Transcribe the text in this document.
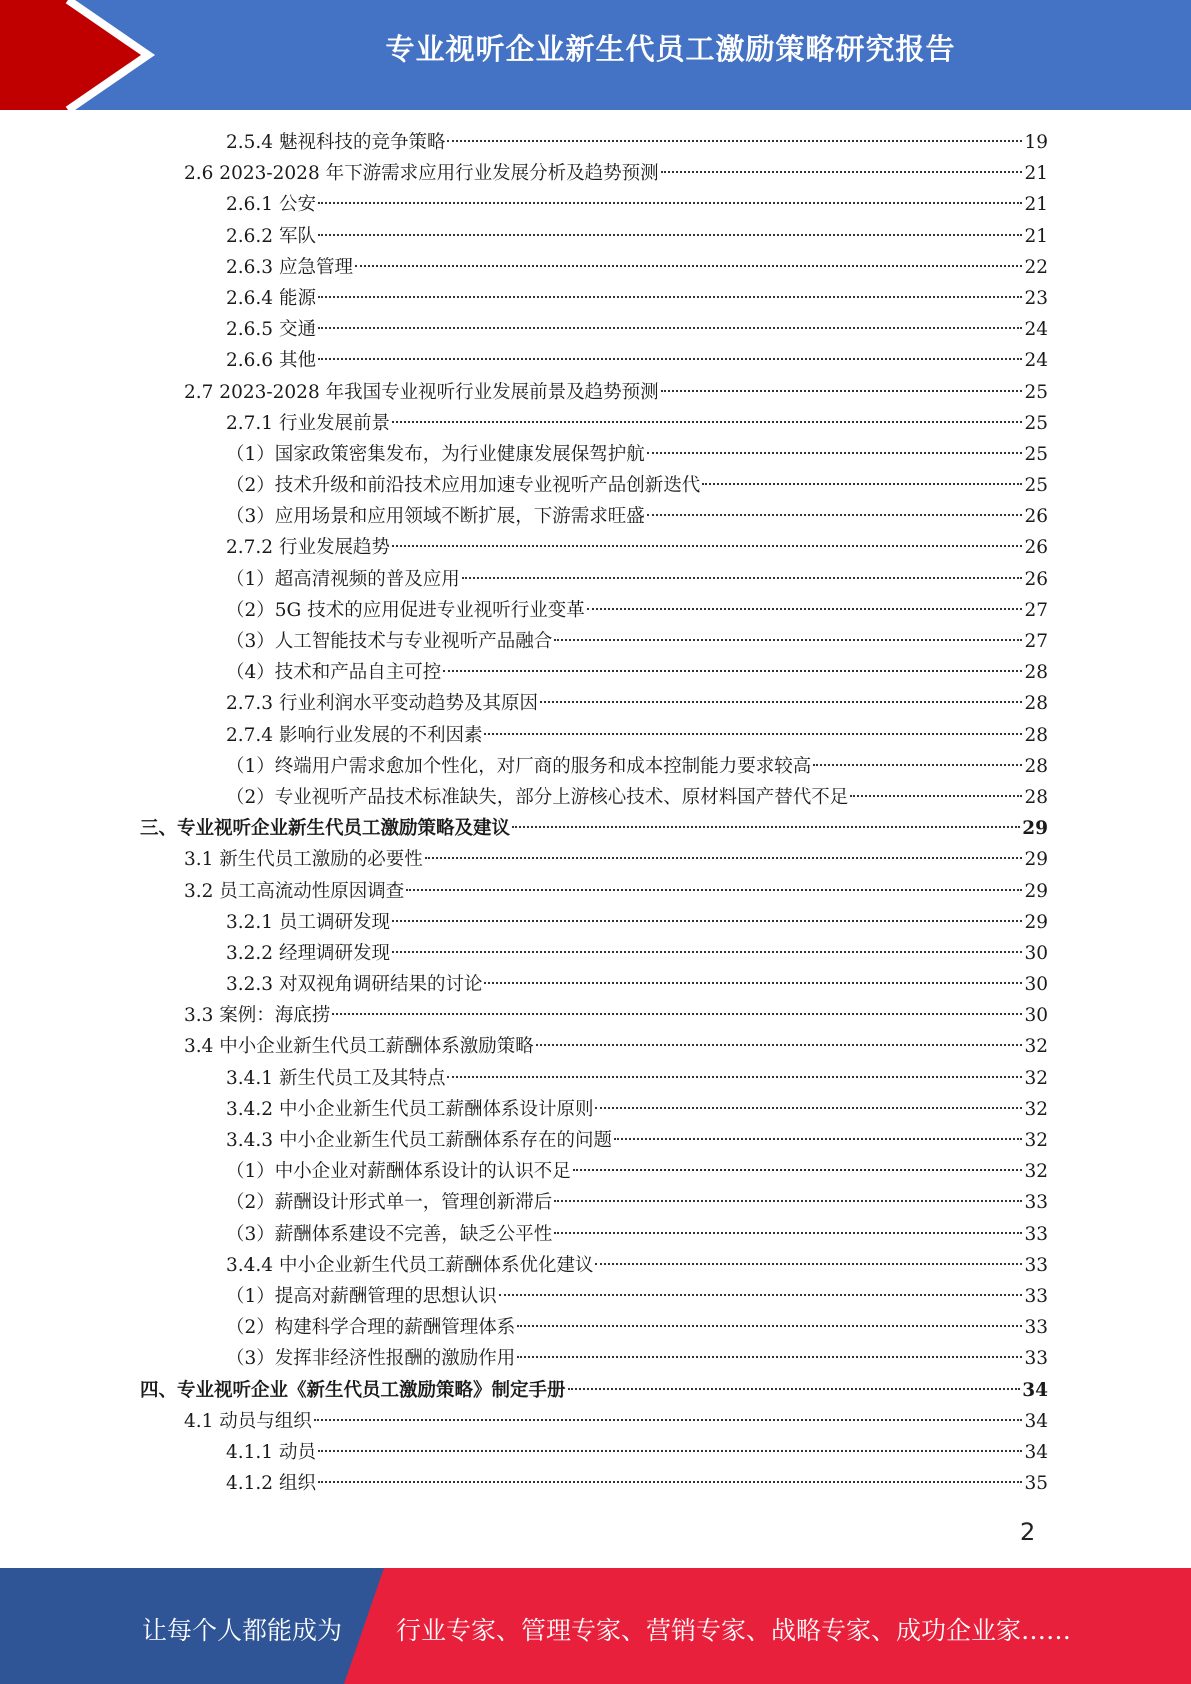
专业视听企业新生代员工激励策略研究报告
2.5.4 魅视科技的竞争策略	19
2.6 2023-2028 年下游需求应用行业发展分析及趋势预测	21
2.6.1 公安	21
2.6.2 军队	21
2.6.3 应急管理	22
2.6.4 能源	23
2.6.5 交通	24
2.6.6 其他	24
2.7 2023-2028 年我国专业视听行业发展前景及趋势预测	25
2.7.1 行业发展前景	25
（1）国家政策密集发布，为行业健康发展保驾护航	25
（2）技术升级和前沿技术应用加速专业视听产品创新迭代	25
（3）应用场景和应用领域不断扩展，下游需求旺盛	26
2.7.2 行业发展趋势	26
（1）超高清视频的普及应用	26
（2）5G 技术的应用促进专业视听行业变革	27
（3）人工智能技术与专业视听产品融合	27
（4）技术和产品自主可控	28
2.7.3 行业利润水平变动趋势及其原因	28
2.7.4 影响行业发展的不利因素	28
（1）终端用户需求愈加个性化，对厂商的服务和成本控制能力要求较高	28
（2）专业视听产品技术标准缺失，部分上游核心技术、原材料国产替代不足	28
三、专业视听企业新生代员工激励策略及建议	29
3.1 新生代员工激励的必要性	29
3.2 员工高流动性原因调查	29
3.2.1 员工调研发现	29
3.2.2 经理调研发现	30
3.2.3 对双视角调研结果的讨论	30
3.3 案例：海底捞	30
3.4 中小企业新生代员工薪酬体系激励策略	32
3.4.1 新生代员工及其特点	32
3.4.2 中小企业新生代员工薪酬体系设计原则	32
3.4.3 中小企业新生代员工薪酬体系存在的问题	32
（1）中小企业对薪酬体系设计的认识不足	32
（2）薪酬设计形式单一，管理创新滞后	33
（3）薪酬体系建设不完善，缺乏公平性	33
3.4.4 中小企业新生代员工薪酬体系优化建议	33
（1）提高对薪酬管理的思想认识	33
（2）构建科学合理的薪酬管理体系	33
（3）发挥非经济性报酬的激励作用	33
四、专业视听企业《新生代员工激励策略》制定手册	34
4.1 动员与组织	34
4.1.1 动员	34
4.1.2 组织	35
2
让每个人都能成为 行业专家、管理专家、营销专家、战略专家、成功企业家……
